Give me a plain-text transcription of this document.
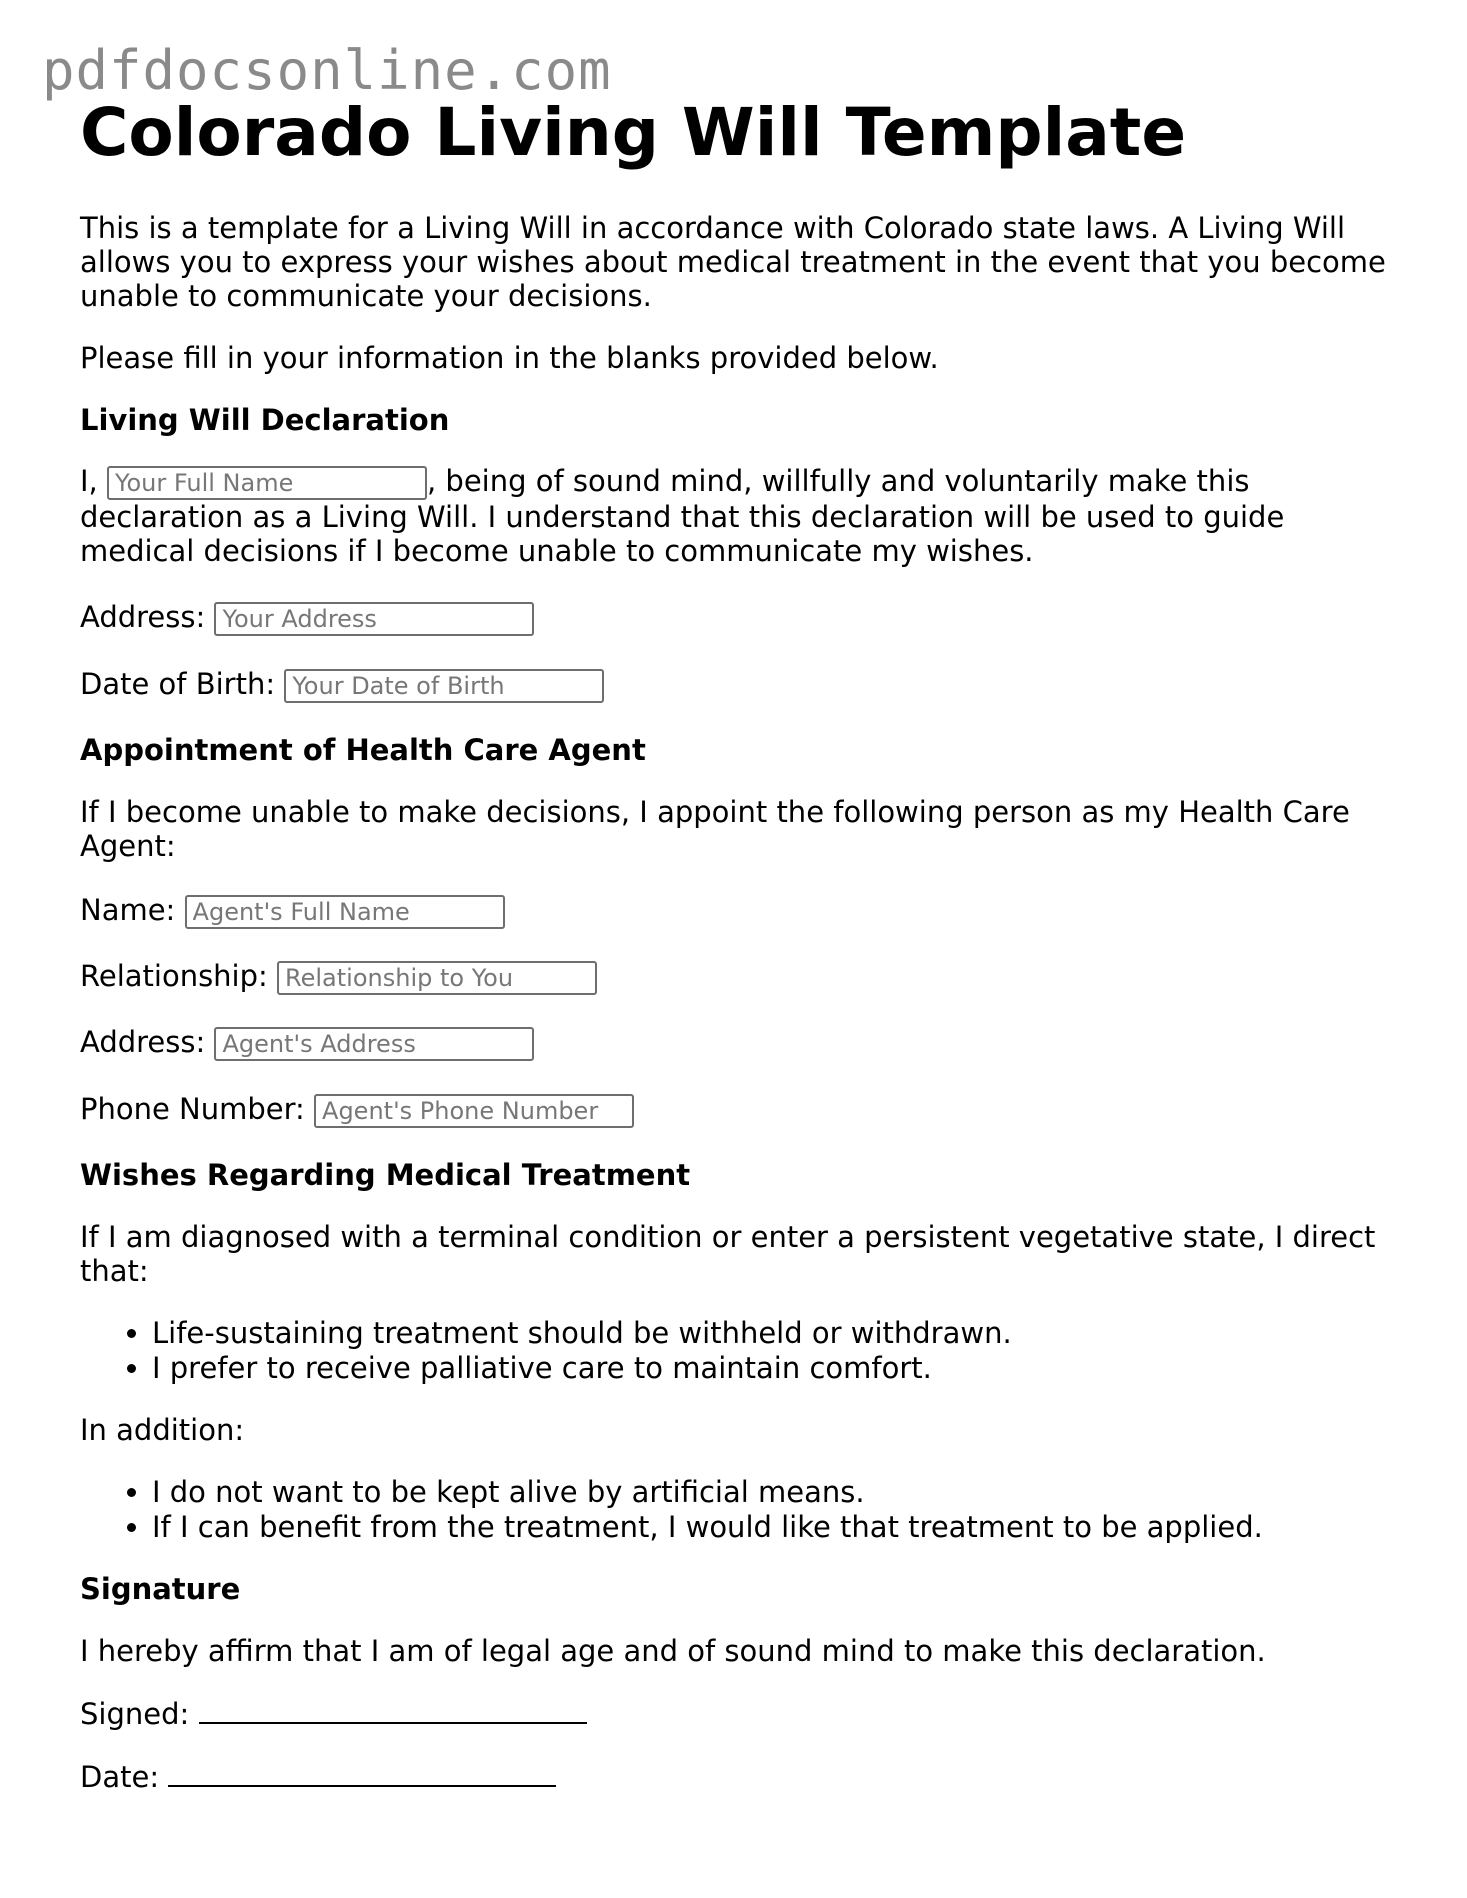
pdfdocsonline.com
Colorado Living Will Template

This is a template for a Living Will in accordance with Colorado state laws. A Living Will allows you to express your wishes about medical treatment in the event that you become unable to communicate your decisions.

Please fill in your information in the blanks provided below.

Living Will Declaration

I, Your Full Name	, being of sound mind, willfully and voluntarily make this declaration as a Living Will. I understand that this declaration will be used to guide medical decisions if I become unable to communicate my wishes.

Address: Your Address
Date of Birth: Your Date of Birth
Appointment of Health Care Agent

If I become unable to make decisions, I appoint the following person as my Health Care Agent:

Name: Agent's Full Name
Relationship: Relationship to You
Address: Agent's Address
Phone Number: Agent's Phone Number
Wishes Regarding Medical Treatment

If I am diagnosed with a terminal condition or enter a persistent vegetative state, I direct that:

• Life-sustaining treatment should be withheld or withdrawn.
• I prefer to receive palliative care to maintain comfort.

In addition:

• I do not want to be kept alive by artificial means.
• If I can benefit from the treatment, I would like that treatment to be applied.
Signature

I hereby affirm that I am of legal age and of sound mind to make this declaration.

Signed:
Date:
